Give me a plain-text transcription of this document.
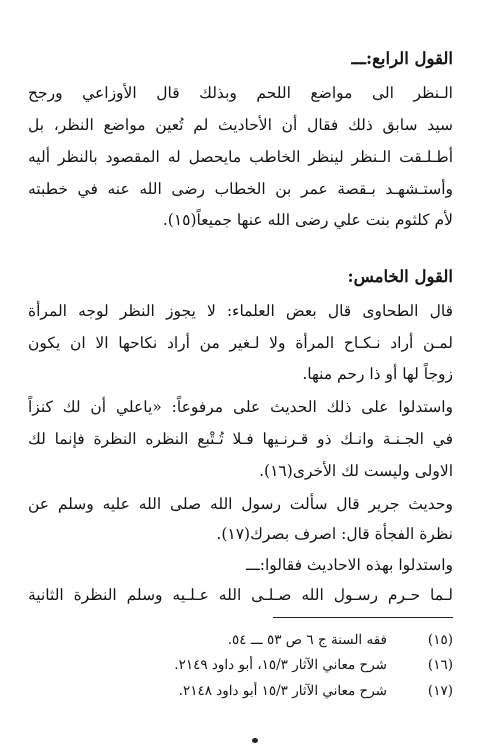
القول الرابع:ـــ
الـنظر الى مواضع اللحم وبذلك قال الأوزاعي ورجح
سيد سابق ذلك فقال أن الأحاديث لم تُعين مواضع النظر، بل
أطـلـقت الـنظر لينظر الخاطب مايحصل له المقصود بالنظر أليه
وأستـشهـد بـقصة عمر بن الخطاب رضى الله عنه في خطبته
لأم كلثوم بنت علي رضى الله عنها جميعاً(١٥).
القول الخامس:
قال الطحاوى قال بعض العلماء: لا يجوز النظر لوجه المرأة
لمـن أراد نـكـاح المرأة ولا لـغير من أراد نكاحها الا ان يكون
زوجاً لها أو ذا رحم منها.
واستدلوا على ذلك الحديث على مرفوعاً: «ياعلي أن لك كنزاً
في الجـنـة وانـك ذو قـرنـيها فـلا تُـتْبع النظره النظرة فإنما لك
الاولى وليست لك الأخرى(١٦).
وحديث جرير قال سألت رسول الله صلى الله عليه وسلم عن
نظرة الفجأة قال: اصرف بصرك(١٧).
واستدلوا بهذه الاحاديث فقالوا:ـــ
لـما حـرم رسـول الله صـلـى الله عـلـيه وسلم النظرة الثانية
(١٥)فقه السنة ج ٦ ص ٥٣ ـــ ٥٤.
(١٦)شرح معاني الآثار ١٥/٣، أبو داود ٢١٤٩.
(١٧)شرح معاني الآثار ١٥/٣ أبو داود ٢١٤٨.
